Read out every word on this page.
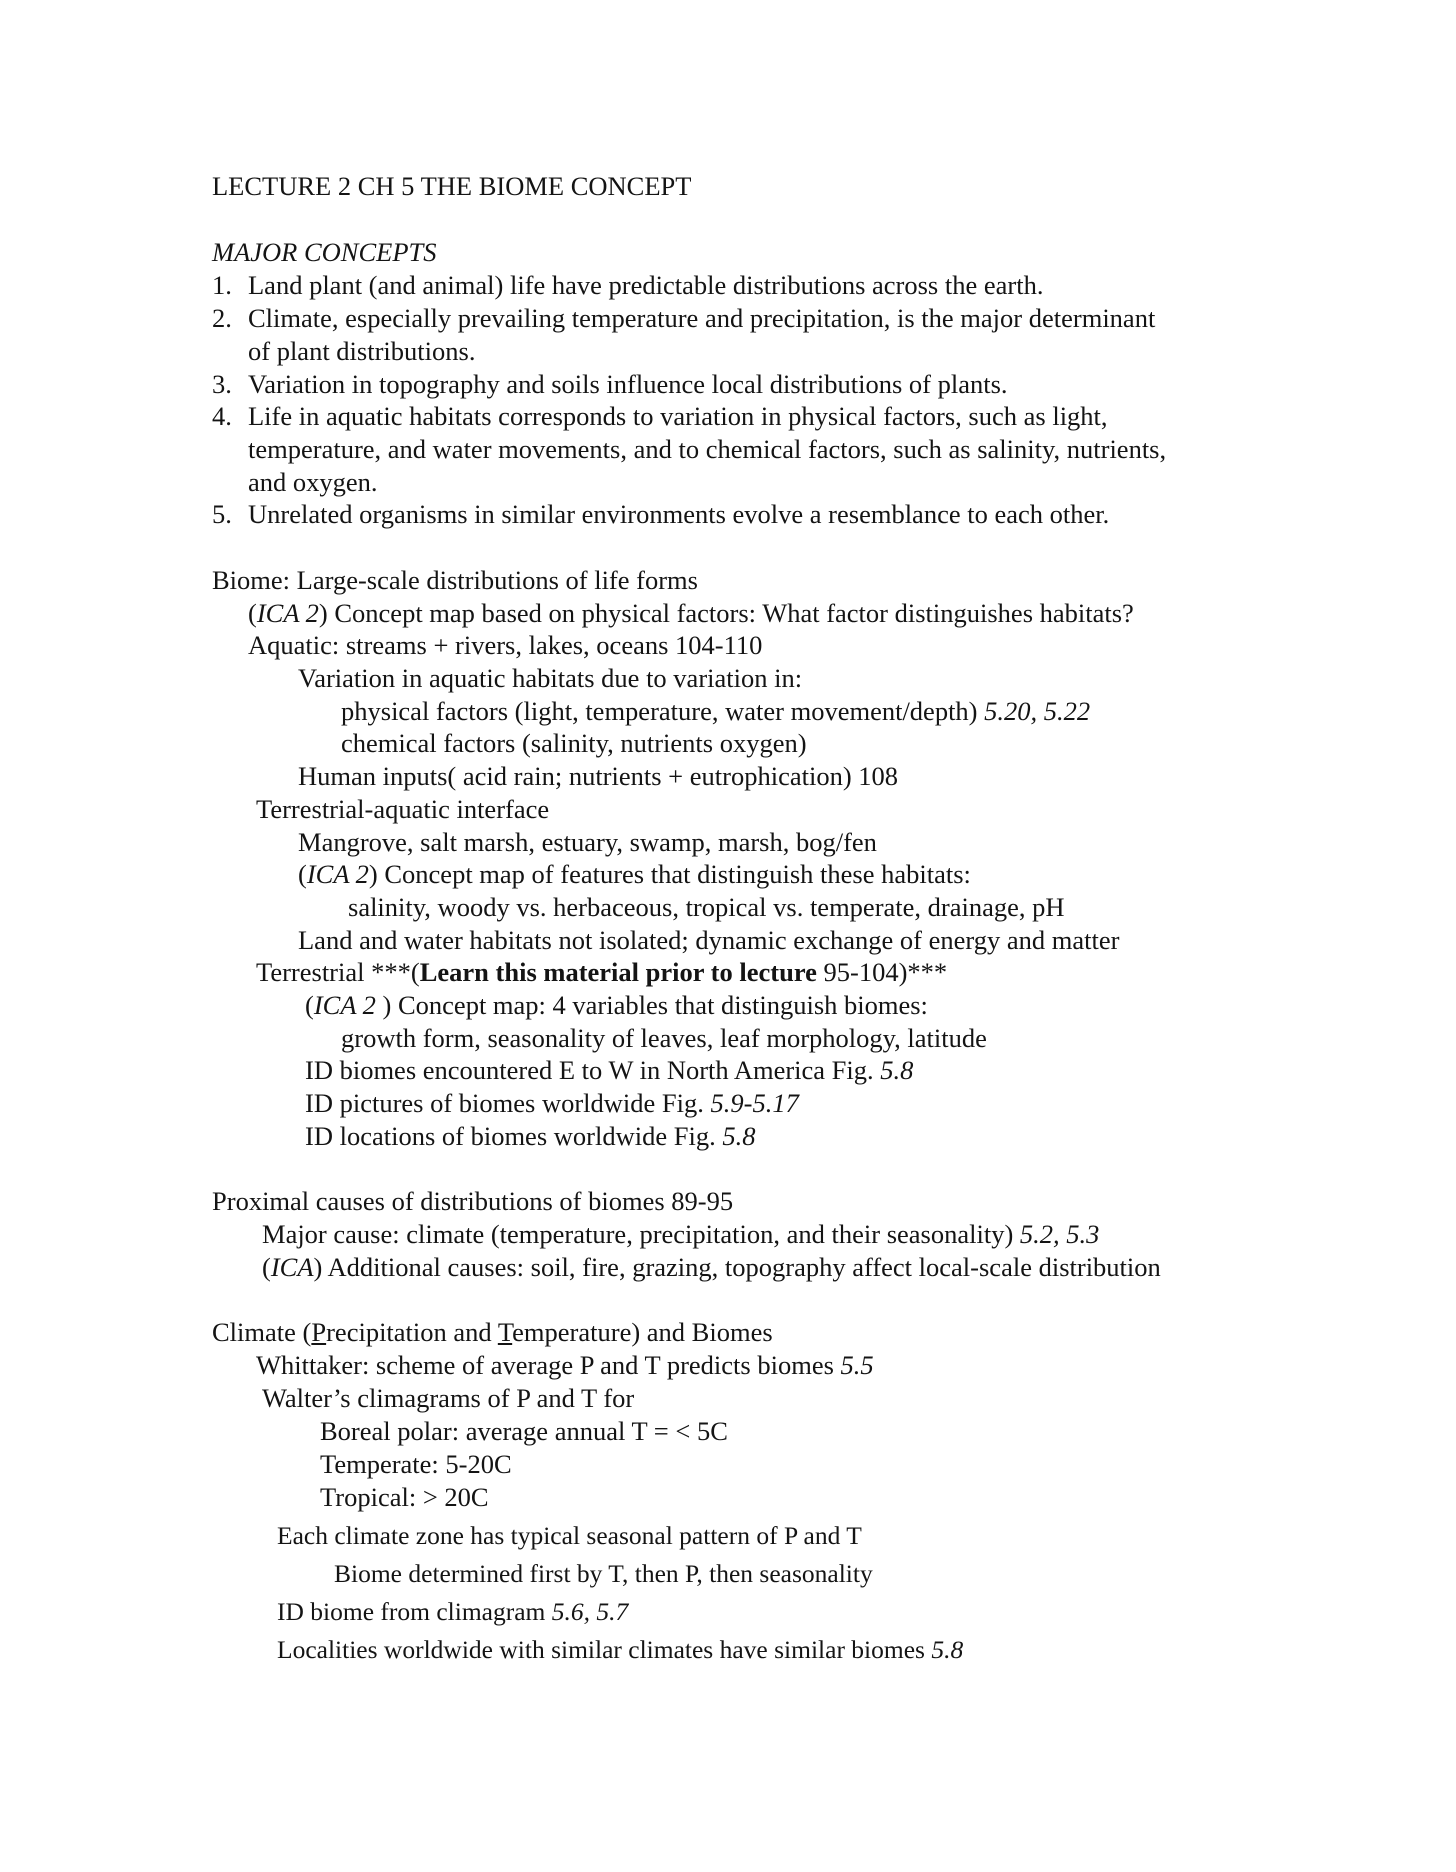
LECTURE 2 CH 5 THE BIOME CONCEPT
MAJOR CONCEPTS
1. Land plant (and animal) life have predictable distributions across the earth.
2. Climate, especially prevailing temperature and precipitation, is the major determinant
of plant distributions.
3. Variation in topography and soils influence local distributions of plants.
4. Life in aquatic habitats corresponds to variation in physical factors, such as light,
temperature, and water movements, and to chemical factors, such as salinity, nutrients,
and oxygen.
5. Unrelated organisms in similar environments evolve a resemblance to each other.
Biome: Large-scale distributions of life forms
(ICA 2) Concept map based on physical factors: What factor distinguishes habitats?
Aquatic: streams + rivers, lakes, oceans 104-110
Variation in aquatic habitats due to variation in:
physical factors (light, temperature, water movement/depth) 5.20, 5.22
chemical factors (salinity, nutrients oxygen)
Human inputs( acid rain; nutrients + eutrophication) 108
Terrestrial-aquatic interface
Mangrove, salt marsh, estuary, swamp, marsh, bog/fen
(ICA 2) Concept map of features that distinguish these habitats:
salinity, woody vs. herbaceous, tropical vs. temperate, drainage, pH
Land and water habitats not isolated; dynamic exchange of energy and matter
Terrestrial ***(Learn this material prior to lecture 95-104)***
(ICA 2 ) Concept map: 4 variables that distinguish biomes:
growth form, seasonality of leaves, leaf morphology, latitude
ID biomes encountered E to W in North America Fig. 5.8
ID pictures of biomes worldwide Fig. 5.9-5.17
ID locations of biomes worldwide Fig. 5.8
Proximal causes of distributions of biomes 89-95
Major cause: climate (temperature, precipitation, and their seasonality) 5.2, 5.3
(ICA) Additional causes: soil, fire, grazing, topography affect local-scale distribution
Climate (Precipitation and Temperature) and Biomes
Whittaker: scheme of average P and T predicts biomes 5.5
Walter’s climagrams of P and T for
Boreal polar: average annual T = < 5C
Temperate: 5-20C
Tropical: > 20C
Each climate zone has typical seasonal pattern of P and T
Biome determined first by T, then P, then seasonality
ID biome from climagram 5.6, 5.7
Localities worldwide with similar climates have similar biomes 5.8
